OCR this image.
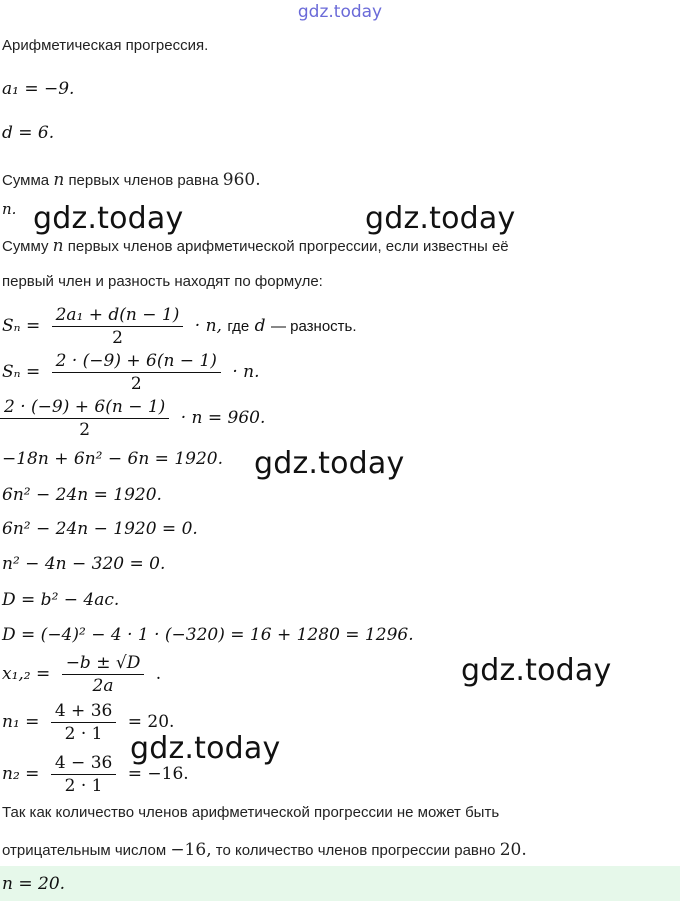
gdz.today
Арифметическая прогрессия.
a₁ = −9.
d = 6.
Сумма n первых членов равна 960.
n.
Сумму n первых членов арифметической прогрессии, если известны её
первый член и разность находят по формуле:
$S_n = \frac{\text{2a₁ + d(n − 1)}}{2} \cdot n$, где d — разность.
$S_n = \frac{2 \cdot (-9) + 6(n - 1)}{2} \cdot n$.
$\frac{2 \cdot (-9) + 6(n - 1)}{2} \cdot n = 960$.
−18n + 6n² − 6n = 1920.
6n² − 24n = 1920.
6n² − 24n − 1920 = 0.
n² − 4n − 320 = 0.
D = b² − 4ac.
D = (−4)² − 4 · 1 · (−320) = 16 + 1280 = 1296.
$x_1,_2 = \frac{-b \pm √D}{2a}$ .
$n_1 = \frac{4 + 36}{2 \cdot 1} = 20$.
$n_2 = \frac{4 - 36}{2 \cdot 1} = -16$.
Так как количество членов арифметической прогрессии не может быть
отрицательным числом −16, то количество членов прогрессии равно 20.
n = 20.
gdz.today	gdz.today
gdz.today
gdz.today
gdz.today
